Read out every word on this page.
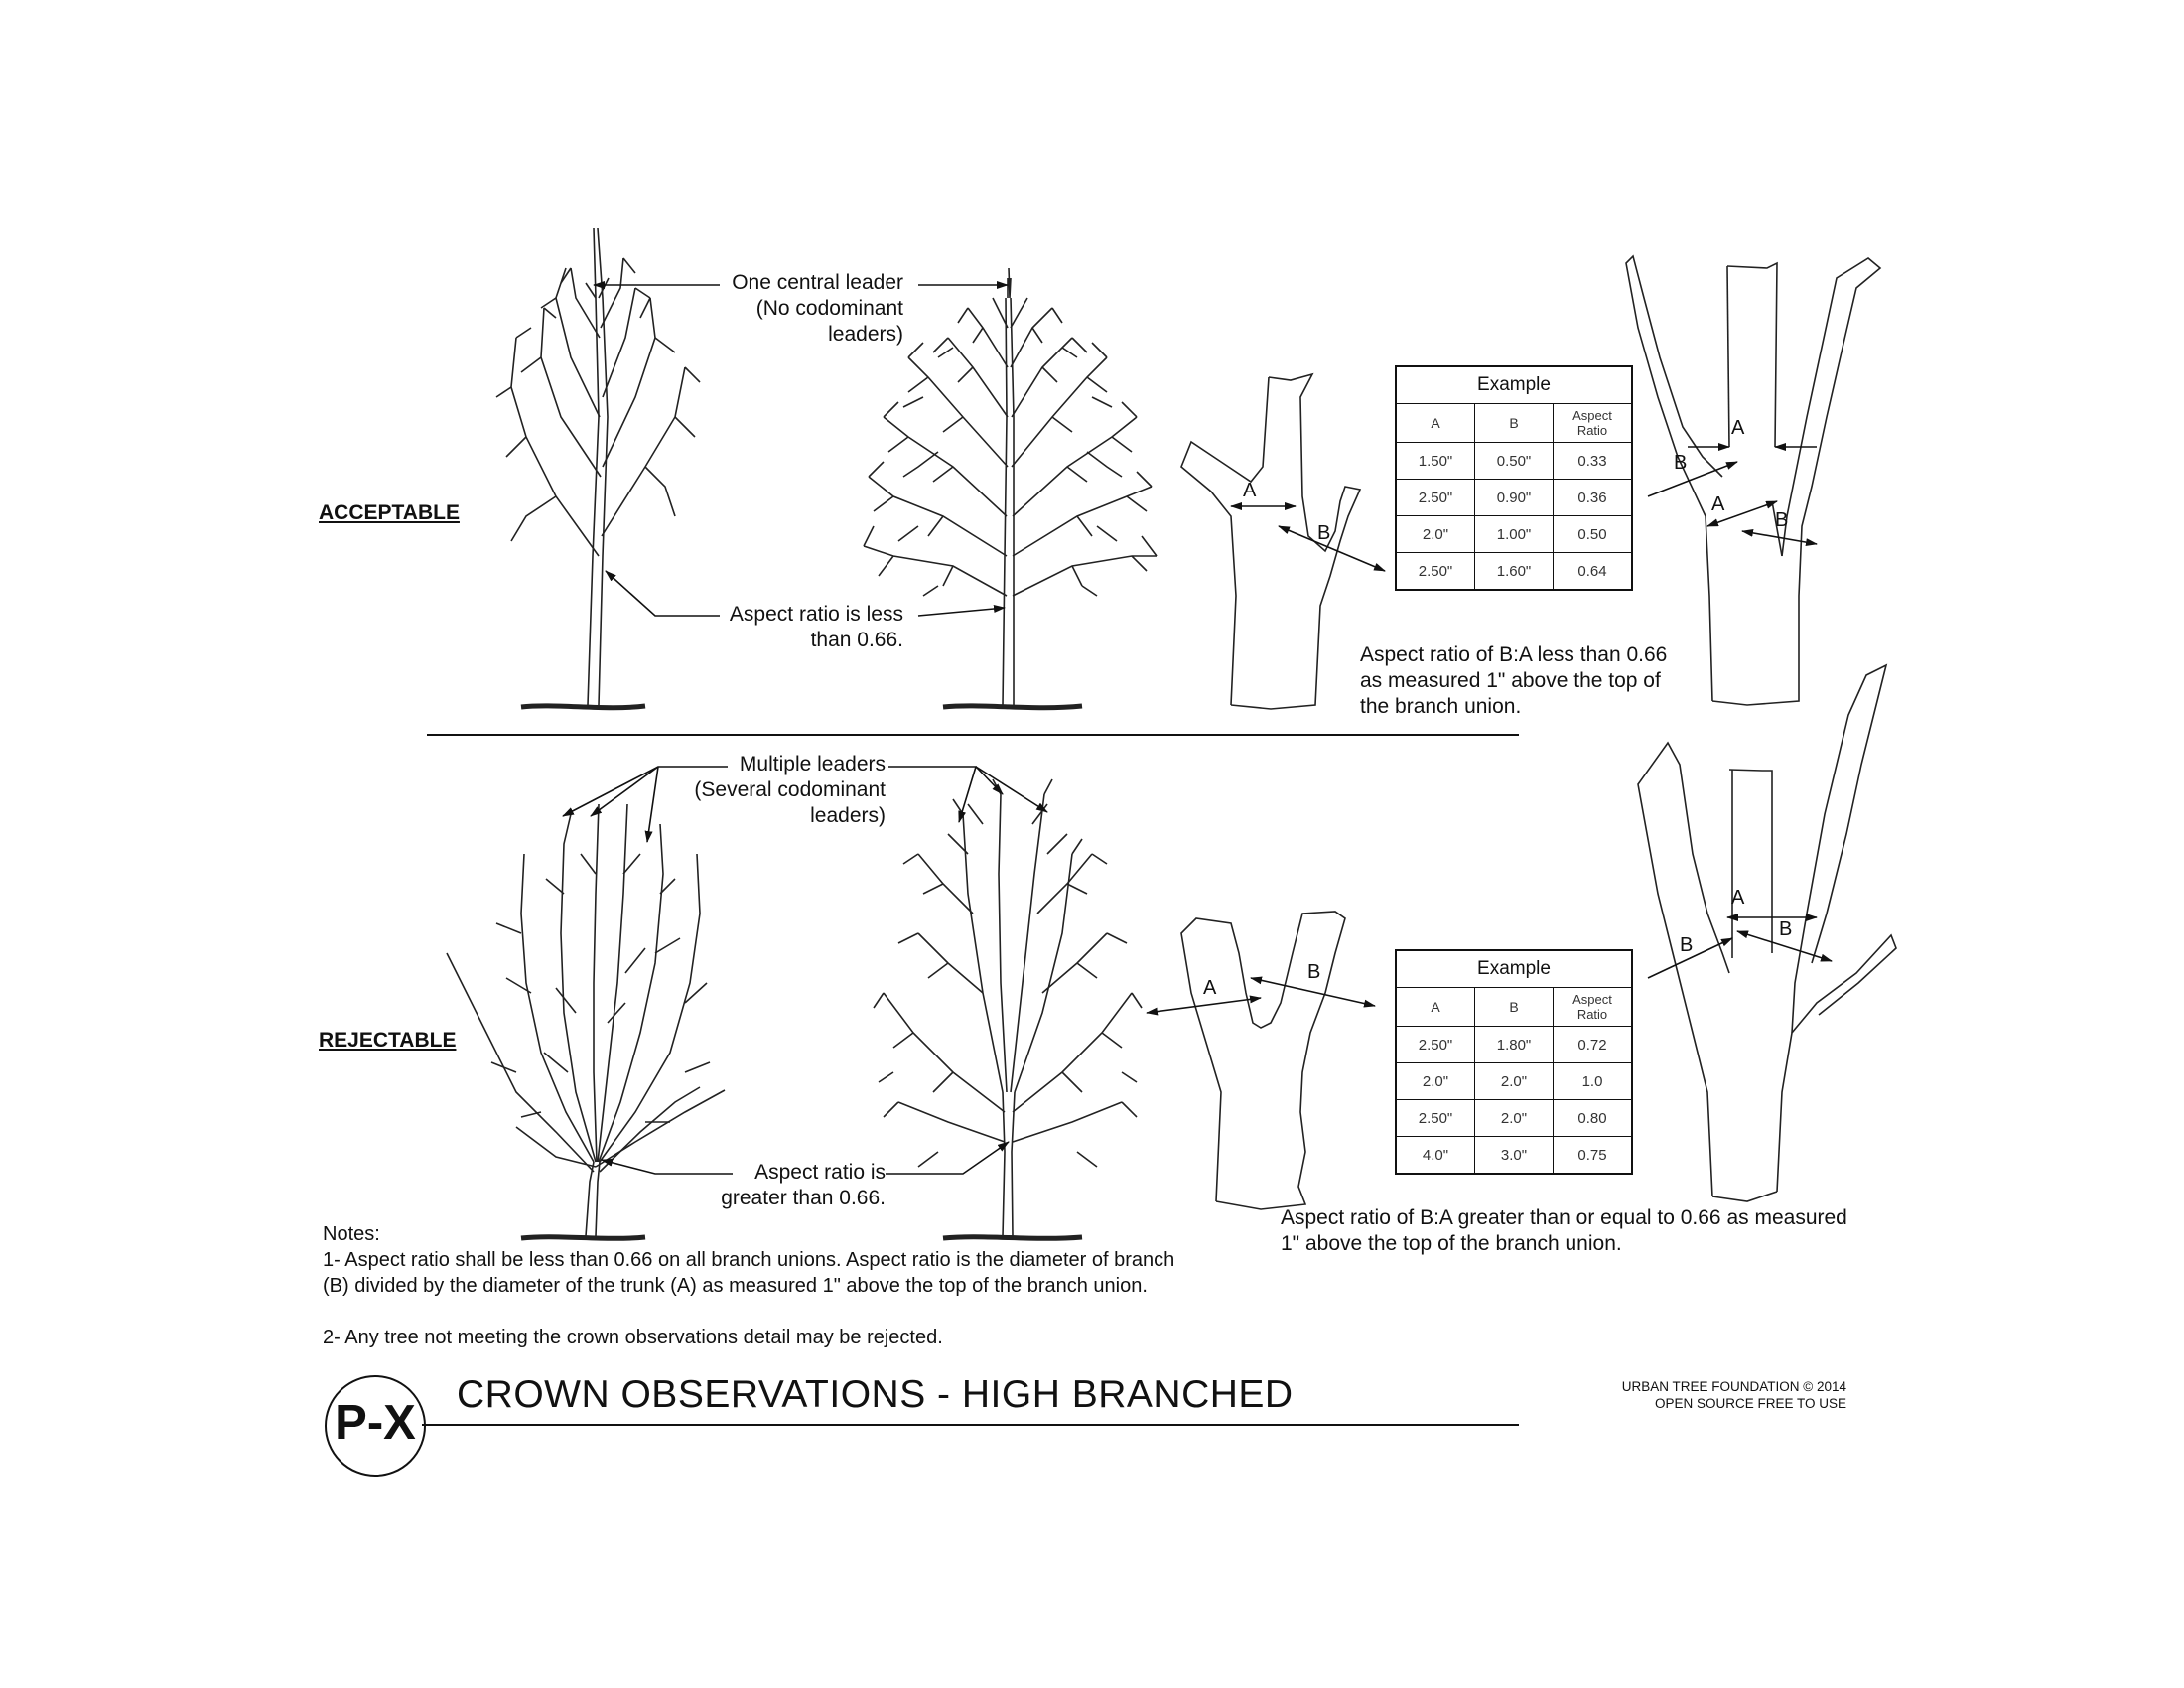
A
B
A
B
A
B
A
B
A
B
B
ACCEPTABLE
REJECTABLE
One central leader
(No codominant
leaders)
Aspect ratio is less
than 0.66.
Multiple leaders
(Several codominant
leaders)
Aspect ratio is
greater than 0.66.
Example		
A	B	Aspect
Ratio

1.50"	0.50"	0.33
2.50"	0.90"	0.36
2.0"	1.00"	0.50
2.50"	1.60"	0.64
Aspect ratio of B:A less than 0.66
as measured 1" above the top of
the branch union.
Example		
A	B	Aspect
Ratio

2.50"	1.80"	0.72
2.0"	2.0"	1.0
2.50"	2.0"	0.80
4.0"	3.0"	0.75
Aspect ratio of B:A greater than or equal to 0.66 as measured
1" above the top of the branch union.
Notes:
1- Aspect ratio shall be less than 0.66 on all branch unions. Aspect ratio is the diameter of branch
(B) divided by the diameter of the trunk (A) as measured 1" above the top of the branch union.
2- Any tree not meeting the crown observations detail may be rejected.
P-X
CROWN OBSERVATIONS - HIGH BRANCHED	URBAN TREE FOUNDATION © 2014
OPEN SOURCE FREE TO USE
